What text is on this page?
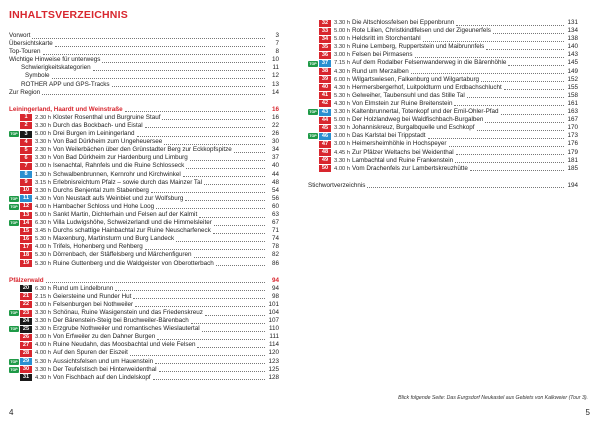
INHALTSVERZEICHNIS
Vorwort	3
Übersichtskarte	7
Top-Touren	8
Wichtige Hinweise für unterwegs	10
Schwierigkeitskategorien	11
Symbole	12
ROTHER APP und GPS-Tracks	13
Zur Region	14
Leiningerland, Haardt und Weinstraße	16
1	2.30 h Kloster Rosenthal und Burgruine Stauf	16
2	3.30 h Durch das Bockbach- und Eistal	22
TOP	3	5.00 h Drei Burgen im Leiningerland	26
4	3.30 h Von Bad Dürkheim zum Ungeheuersee	30
5	2.30 h Von Weilerbächen über den Grünstadter Berg zur Eckkopfspitze	34
6	3.30 h Von Bad Dürkheim zur Hardenburg und Limburg	37
7	3.00 h Isenachtal, Rahnfels und die Ruine Schlosseck	40
8	1.30 h Schwalbenbrunnen, Kernrohr und Kirchwinkel	44
9	3.15 h Erlebnisreichtum Pfalz – sowie durch das Mainzer Tal	48
10	3.30 h Durchs Benjental zum Stabenberg	54
TOP 11	4.30 h Von Neustadt aufs Weinbiet und zur Wolfsburg	56
TOP 12	4.00 h Hambacher Schloss und Hohe Loog	60
13	5.00 h Sankt Martin, Dichterhain und Felsen auf der Kalmit	63
TOP 14	6.30 h Villa Ludwigshöhe, Schweizerlandl und die Himmelsleiter	67
15	3.45 h Durchs schattige Hainbachtal zur Ruine Neuscharfeneck	71
16	5.30 h Maxenburg, Martinsturm und Burg Landeck	74
17	4.00 h Trifels, Hohenberg und Rehberg	78
18	5.30 h Dörrenbach, der Stäffelsberg und Märchenfiguren	82
19	5.30 h Ruine Guttenberg und die Waldgeister von Oberotterbach	86
Pfälzerwald	94
20	6.30 h Rund um Lindelbrunn	94
21	2.15 h Geiersteine und Runder Hut	98
22	3.00 h Felsenburgen bei Nothweiler	101
TOP 23	3.30 h Schönau, Ruine Wasigenstein und das Friedenskreuz	104
24	3.30 h Der Bärenstein-Steig bei Bruchweiler-Bärenbach	107
TOP 25	3.30 h Erzgrube Nothweiler und romantisches Wieslautertal	110
26	3.00 h Von Erfweiler zu den Dahner Burgen	111
27	4.00 h Ruine Neudahn, das Moosbachtal und viele Felsen	114
28	4.00 h Auf den Spuren der Eiszeit	120
TOP 29	5.30 h Aussichtsfelsen und um Hauenstein	123
TOP 30	3.30 h Der Teufelstisch bei Hinterweidenthal	125
31	4.30 h Von Fischbach auf den Lindelskopf	128
4
32	3.30 h Die Altschlossfelsen bei Eppenbrunn	131
33	5.00 h Rote Lilien, Christkindlfelsen und der Zigeunerfels	134
34	5.00 h Heldsritt im Storchentahl	138
35	3.30 h Ruine Lemberg, Ruppertstein und Maibrunnfels	140
36	3.00 h Felsen bei Pirmasens	143
TOP 37	7.15 h Auf dem Rodalber Felsenwanderweg in die Bärenhöhle	145
38	4.30 h Rund um Merzalben	149
39	6.00 h Wilgartswiesen, Falkenburg und Wilgartaburg	152
40	4.30 h Hermersbergerhof, Luitpoldturm und Erdbachschlucht	155
41	5.30 h Gelweiher, Taubensuhl und das Stille Tal	158
42	4.30 h Von Elmstein zur Ruine Breitenstein	161
TOP 43	3.30 h Kaltenbrunnertal, Totenkopf und der Emil-Ohler-Pfad	163
44	5.00 h Der Holzlandweg bei Waldfischbach-Burgalben	167
45	3.30 h Johanniskreuz, Burgalbquelle und Eschkopf	170
TOP 46	3.00 h Das Karlstal bei Trippstadt	173
47	3.00 h Heimersheimhöhle in Hochspeyer	176
48	4.45 h Zur Pfälzer Weltachs bei Weidenthal	179
49	3.30 h Lambachtal und Ruine Frankenstein	181
50	4.00 h Vom Drachenfels zur Lambertskreuzhütte	185
Stichwortverzeichnis	194
Blick folgende Seite: Das Eurgsdorf Neukastel aus Gebiets von Kalkweier (Tour 3).
5
